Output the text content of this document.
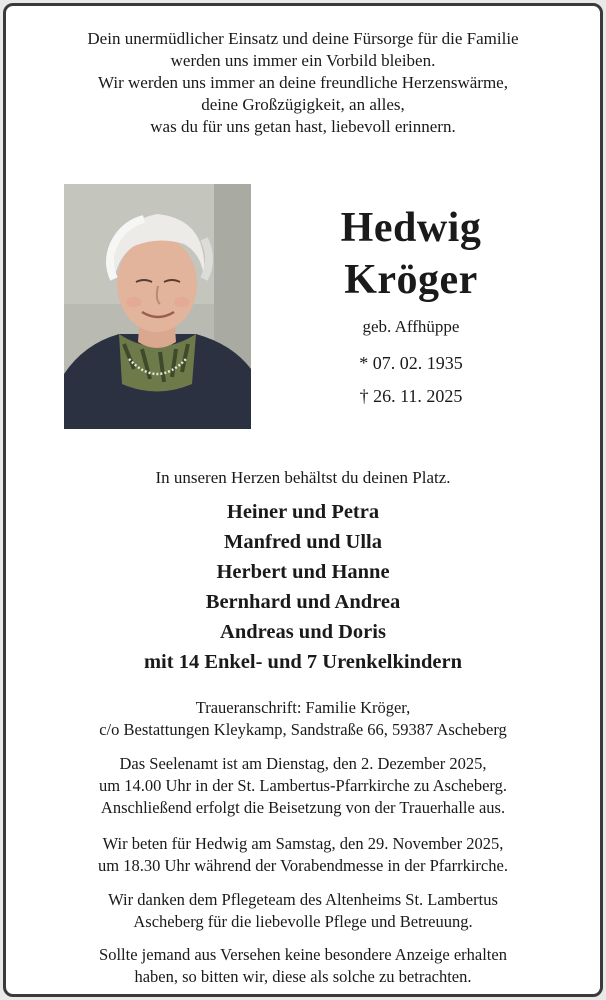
Dein unermüdlicher Einsatz und deine Fürsorge für die Familie
werden uns immer ein Vorbild bleiben.
Wir werden uns immer an deine freundliche Herzenswärme,
deine Großzügigkeit, an alles,
was du für uns getan hast, liebevoll erinnern.
Hedwig
Kröger
geb. Affhüppe
* 07. 02. 1935
† 26. 11. 2025
In unseren Herzen behältst du deinen Platz.
Heiner und Petra
Manfred und Ulla
Herbert und Hanne
Bernhard und Andrea
Andreas und Doris
mit 14 Enkel- und 7 Urenkelkindern
Traueranschrift: Familie Kröger,
c/o Bestattungen Kleykamp, Sandstraße 66, 59387 Ascheberg
Das Seelenamt ist am Dienstag, den 2. Dezember 2025,
um 14.00 Uhr in der St. Lambertus-Pfarrkirche zu Ascheberg.
Anschließend erfolgt die Beisetzung von der Trauerhalle aus.
Wir beten für Hedwig am Samstag, den 29. November 2025,
um 18.30 Uhr während der Vorabendmesse in der Pfarrkirche.
Wir danken dem Pflegeteam des Altenheims St. Lambertus
Ascheberg für die liebevolle Pflege und Betreuung.
Sollte jemand aus Versehen keine besondere Anzeige erhalten
haben, so bitten wir, diese als solche zu betrachten.
